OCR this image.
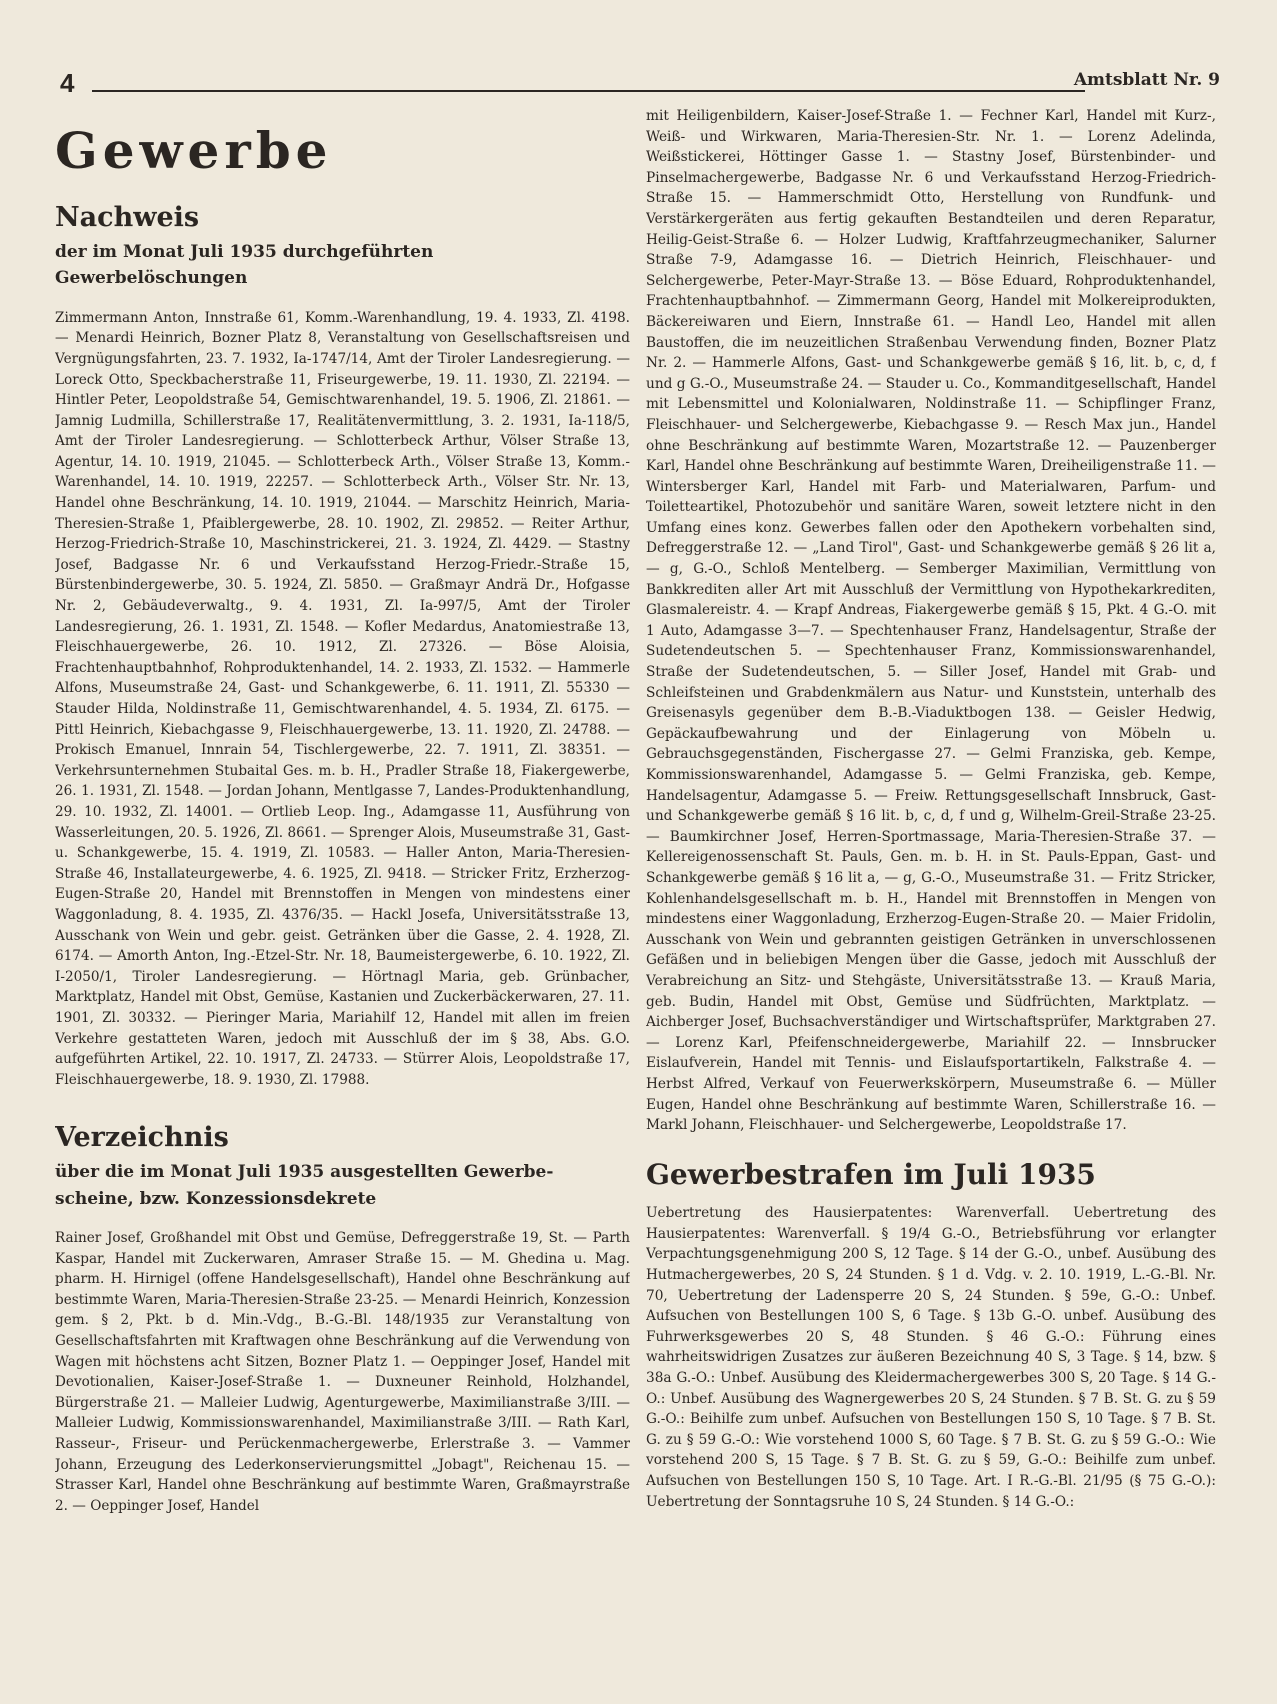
4	Amtsblatt Nr. 9
Gewerbe
Nachweis
der im Monat Juli 1935 durchgeführten
Gewerbelöschungen

Zimmermann Anton, Innstraße 61, Komm.-Warenhandlung, 19. 4. 1933, Zl. 4198. — Menardi Heinrich, Bozner Platz 8, Veranstaltung von Gesellschaftsreisen und Vergnügungsfahrten, 23. 7. 1932, Ia-1747/14, Amt der Tiroler Landesregierung. — Loreck Otto, Speckbacherstraße 11, Friseurgewerbe, 19. 11. 1930, Zl. 22194. — Hintler Peter, Leopoldstraße 54, Gemischtwarenhandel, 19. 5. 1906, Zl. 21861. — Jamnig Ludmilla, Schillerstraße 17, Realitätenvermittlung, 3. 2. 1931, Ia-118/5, Amt der Tiroler Landesregierung. — Schlotterbeck Arthur, Völser Straße 13, Agentur, 14. 10. 1919, 21045. — Schlotterbeck Arth., Völser Straße 13, Komm.-Warenhandel, 14. 10. 1919, 22257. — Schlotterbeck Arth., Völser Str. Nr. 13, Handel ohne Beschränkung, 14. 10. 1919, 21044. — Marschitz Heinrich, Maria-Theresien-Straße 1, Pfaiblergewerbe, 28. 10. 1902, Zl. 29852. — Reiter Arthur, Herzog-Friedrich-Straße 10, Maschinstrickerei, 21. 3. 1924, Zl. 4429. — Stastny Josef, Badgasse Nr. 6 und Verkaufsstand Herzog-Friedr.-Straße 15, Bürstenbindergewerbe, 30. 5. 1924, Zl. 5850. — Graßmayr Andrä Dr., Hofgasse Nr. 2, Gebäudeverwaltg., 9. 4. 1931, Zl. Ia-997/5, Amt der Tiroler Landesregierung, 26. 1. 1931, Zl. 1548. — Kofler Medardus, Anatomiestraße 13, Fleischhauergewerbe, 26. 10. 1912, Zl. 27326. — Böse Aloisia, Frachtenhauptbahnhof, Rohproduktenhandel, 14. 2. 1933, Zl. 1532. — Hammerle Alfons, Museumstraße 24, Gast- und Schankgewerbe, 6. 11. 1911, Zl. 55330 — Stauder Hilda, Noldinstraße 11, Gemischtwarenhandel, 4. 5. 1934, Zl. 6175. — Pittl Heinrich, Kiebachgasse 9, Fleischhauergewerbe, 13. 11. 1920, Zl. 24788. — Prokisch Emanuel, Innrain 54, Tischlergewerbe, 22. 7. 1911, Zl. 38351. — Verkehrsunternehmen Stubaital Ges. m. b. H., Pradler Straße 18, Fiakergewerbe, 26. 1. 1931, Zl. 1548. — Jordan Johann, Mentlgasse 7, Landes-Produktenhandlung, 29. 10. 1932, Zl. 14001. — Ortlieb Leop. Ing., Adamgasse 11, Ausführung von Wasserleitungen, 20. 5. 1926, Zl. 8661. — Sprenger Alois, Museumstraße 31, Gast- u. Schankgewerbe, 15. 4. 1919, Zl. 10583. — Haller Anton, Maria-Theresien-Straße 46, Installateurgewerbe, 4. 6. 1925, Zl. 9418. — Stricker Fritz, Erzherzog-Eugen-Straße 20, Handel mit Brennstoffen in Mengen von mindestens einer Waggonladung, 8. 4. 1935, Zl. 4376/35. — Hackl Josefa, Universitätsstraße 13, Ausschank von Wein und gebr. geist. Getränken über die Gasse, 2. 4. 1928, Zl. 6174. — Amorth Anton, Ing.-Etzel-Str. Nr. 18, Baumeistergewerbe, 6. 10. 1922, Zl. I-2050/1, Tiroler Landesregierung. — Hörtnagl Maria, geb. Grünbacher, Marktplatz, Handel mit Obst, Gemüse, Kastanien und Zuckerbäckerwaren, 27. 11. 1901, Zl. 30332. — Pieringer Maria, Mariahilf 12, Handel mit allen im freien Verkehre gestatteten Waren, jedoch mit Ausschluß der im § 38, Abs. G.O. aufgeführten Artikel, 22. 10. 1917, Zl. 24733. — Stürrer Alois, Leopoldstraße 17, Fleischhauergewerbe, 18. 9. 1930, Zl. 17988.

Verzeichnis
über die im Monat Juli 1935 ausgestellten Gewerbe-
scheine, bzw. Konzessionsdekrete

Rainer Josef, Großhandel mit Obst und Gemüse, Defreggerstraße 19, St. — Parth Kaspar, Handel mit Zuckerwaren, Amraser Straße 15. — M. Ghedina u. Mag. pharm. H. Hirnigel (offene Handelsgesellschaft), Handel ohne Beschränkung auf bestimmte Waren, Maria-Theresien-Straße 23-25. — Menardi Heinrich, Konzession gem. § 2, Pkt. b d. Min.-Vdg., B.-G.-Bl. 148/1935 zur Veranstaltung von Gesellschaftsfahrten mit Kraftwagen ohne Beschränkung auf die Verwendung von Wagen mit höchstens acht Sitzen, Bozner Platz 1. — Oeppinger Josef, Handel mit Devotionalien, Kaiser-Josef-Straße 1. — Duxneuner Reinhold, Holzhandel, Bürgerstraße 21. — Malleier Ludwig, Agenturgewerbe, Maximilianstraße 3/III. — Malleier Ludwig, Kommissionswarenhandel, Maximilianstraße 3/III. — Rath Karl, Rasseur-, Friseur- und Perückenmachergewerbe, Erlerstraße 3. — Vammer Johann, Erzeugung des Lederkonservierungsmittel „Jobagt", Reichenau 15. — Strasser Karl, Handel ohne Beschränkung auf bestimmte Waren, Graßmayrstraße 2. — Oeppinger Josef, Handel

mit Heiligenbildern, Kaiser-Josef-Straße 1. — Fechner Karl, Handel mit Kurz-, Weiß- und Wirkwaren, Maria-Theresien-Str. Nr. 1. — Lorenz Adelinda, Weißstickerei, Höttinger Gasse 1. — Stastny Josef, Bürstenbinder- und Pinselmachergewerbe, Badgasse Nr. 6 und Verkaufsstand Herzog-Friedrich-Straße 15. — Hammerschmidt Otto, Herstellung von Rundfunk- und Verstärkergeräten aus fertig gekauften Bestandteilen und deren Reparatur, Heilig-Geist-Straße 6. — Holzer Ludwig, Kraftfahrzeugmechaniker, Salurner Straße 7-9, Adamgasse 16. — Dietrich Heinrich, Fleischhauer- und Selchergewerbe, Peter-Mayr-Straße 13. — Böse Eduard, Rohproduktenhandel, Frachtenhauptbahnhof. — Zimmermann Georg, Handel mit Molkereiprodukten, Bäckereiwaren und Eiern, Innstraße 61. — Handl Leo, Handel mit allen Baustoffen, die im neuzeitlichen Straßenbau Verwendung finden, Bozner Platz Nr. 2. — Hammerle Alfons, Gast- und Schankgewerbe gemäß § 16, lit. b, c, d, f und g G.-O., Museumstraße 24. — Stauder u. Co., Kommanditgesellschaft, Handel mit Lebensmittel und Kolonialwaren, Noldinstraße 11. — Schipflinger Franz, Fleischhauer- und Selchergewerbe, Kiebachgasse 9. — Resch Max jun., Handel ohne Beschränkung auf bestimmte Waren, Mozartstraße 12. — Pauzenberger Karl, Handel ohne Beschränkung auf bestimmte Waren, Dreiheiligenstraße 11. — Wintersberger Karl, Handel mit Farb- und Materialwaren, Parfum- und Toiletteartikel, Photozubehör und sanitäre Waren, soweit letztere nicht in den Umfang eines konz. Gewerbes fallen oder den Apothekern vorbehalten sind, Defreggerstraße 12. — „Land Tirol", Gast- und Schankgewerbe gemäß § 26 lit a, — g, G.-O., Schloß Mentelberg. — Semberger Maximilian, Vermittlung von Bankkrediten aller Art mit Ausschluß der Vermittlung von Hypothekarkrediten, Glasmalereistr. 4. — Krapf Andreas, Fiakergewerbe gemäß § 15, Pkt. 4 G.-O. mit 1 Auto, Adamgasse 3—7. — Spechtenhauser Franz, Handelsagentur, Straße der Sudetendeutschen 5. — Spechtenhauser Franz, Kommissionswarenhandel, Straße der Sudetendeutschen, 5. — Siller Josef, Handel mit Grab- und Schleifsteinen und Grabdenkmälern aus Natur- und Kunststein, unterhalb des Greisenasyls gegenüber dem B.-B.-Viaduktbogen 138. — Geisler Hedwig, Gepäckaufbewahrung und der Einlagerung von Möbeln u. Gebrauchsgegenständen, Fischergasse 27. — Gelmi Franziska, geb. Kempe, Kommissionswarenhandel, Adamgasse 5. — Gelmi Franziska, geb. Kempe, Handelsagentur, Adamgasse 5. — Freiw. Rettungsgesellschaft Innsbruck, Gast- und Schankgewerbe gemäß § 16 lit. b, c, d, f und g, Wilhelm-Greil-Straße 23-25. — Baumkirchner Josef, Herren-Sportmassage, Maria-Theresien-Straße 37. — Kellereigenossenschaft St. Pauls, Gen. m. b. H. in St. Pauls-Eppan, Gast- und Schankgewerbe gemäß § 16 lit a, — g, G.-O., Museumstraße 31. — Fritz Stricker, Kohlenhandelsgesellschaft m. b. H., Handel mit Brennstoffen in Mengen von mindestens einer Waggonladung, Erzherzog-Eugen-Straße 20. — Maier Fridolin, Ausschank von Wein und gebrannten geistigen Getränken in unverschlossenen Gefäßen und in beliebigen Mengen über die Gasse, jedoch mit Ausschluß der Verabreichung an Sitz- und Stehgäste, Universitätsstraße 13. — Krauß Maria, geb. Budin, Handel mit Obst, Gemüse und Südfrüchten, Marktplatz. — Aichberger Josef, Buchsachverständiger und Wirtschaftsprüfer, Marktgraben 27. — Lorenz Karl, Pfeifenschneidergewerbe, Mariahilf 22. — Innsbrucker Eislaufverein, Handel mit Tennis- und Eislaufsportartikeln, Falkstraße 4. — Herbst Alfred, Verkauf von Feuerwerkskörpern, Museumstraße 6. — Müller Eugen, Handel ohne Beschränkung auf bestimmte Waren, Schillerstraße 16. — Markl Johann, Fleischhauer- und Selchergewerbe, Leopoldstraße 17.

Gewerbestrafen im Juli 1935

Uebertretung des Hausierpatentes: Warenverfall. Uebertretung des Hausierpatentes: Warenverfall. § 19/4 G.-O., Betriebsführung vor erlangter Verpachtungsgenehmigung 200 S, 12 Tage. § 14 der G.-O., unbef. Ausübung des Hutmachergewerbes, 20 S, 24 Stunden. § 1 d. Vdg. v. 2. 10. 1919, L.-G.-Bl. Nr. 70, Uebertretung der Ladensperre 20 S, 24 Stunden. § 59e, G.-O.: Unbef. Aufsuchen von Bestellungen 100 S, 6 Tage. § 13b G.-O. unbef. Ausübung des Fuhrwerksgewerbes 20 S, 48 Stunden. § 46 G.-O.: Führung eines wahrheitswidrigen Zusatzes zur äußeren Bezeichnung 40 S, 3 Tage. § 14, bzw. § 38a G.-O.: Unbef. Ausübung des Kleidermachergewerbes 300 S, 20 Tage. § 14 G.-O.: Unbef. Ausübung des Wagnergewerbes 20 S, 24 Stunden. § 7 B. St. G. zu § 59 G.-O.: Beihilfe zum unbef. Aufsuchen von Bestellungen 150 S, 10 Tage. § 7 B. St. G. zu § 59 G.-O.: Wie vorstehend 1000 S, 60 Tage. § 7 B. St. G. zu § 59 G.-O.: Wie vorstehend 200 S, 15 Tage. § 7 B. St. G. zu § 59, G.-O.: Beihilfe zum unbef. Aufsuchen von Bestellungen 150 S, 10 Tage. Art. I R.-G.-Bl. 21/95 (§ 75 G.-O.): Uebertretung der Sonntagsruhe 10 S, 24 Stunden. § 14 G.-O.:
